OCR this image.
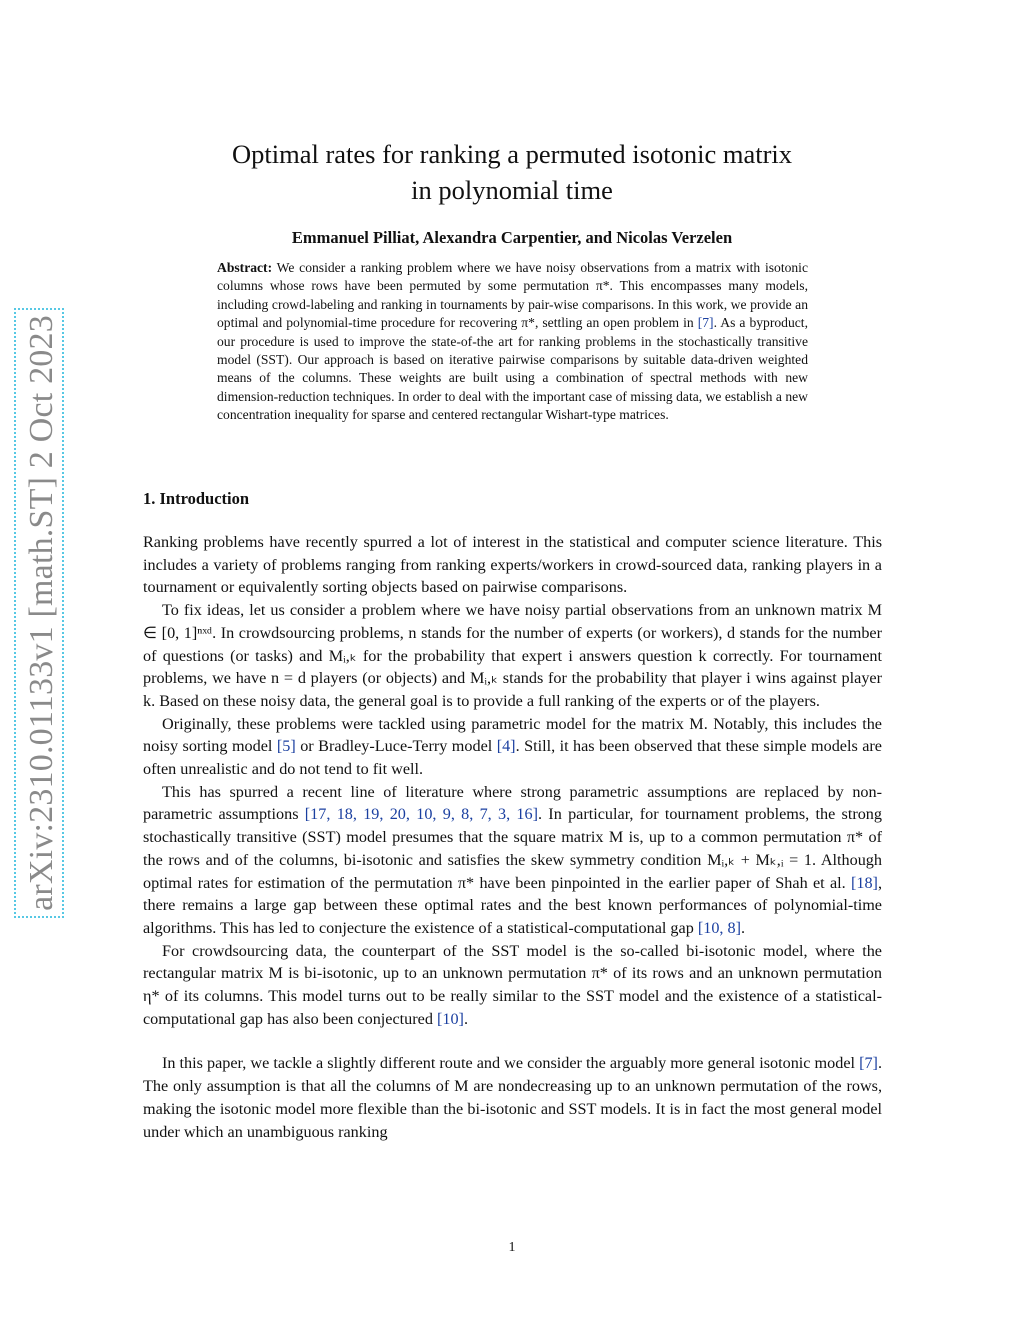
arXiv:2310.01133v1 [math.ST] 2 Oct 2023
Optimal rates for ranking a permuted isotonic matrix
in polynomial time
Emmanuel Pilliat, Alexandra Carpentier, and Nicolas Verzelen
Abstract: We consider a ranking problem where we have noisy observations from a matrix with isotonic columns whose rows have been permuted by some permutation π*. This encompasses many models, including crowd-labeling and ranking in tournaments by pair-wise comparisons. In this work, we provide an optimal and polynomial-time procedure for recovering π*, settling an open problem in [7]. As a byproduct, our procedure is used to improve the state-of-the art for ranking problems in the stochastically transitive model (SST). Our approach is based on iterative pairwise comparisons by suitable data-driven weighted means of the columns. These weights are built using a combination of spectral methods with new dimension-reduction techniques. In order to deal with the important case of missing data, we establish a new concentration inequality for sparse and centered rectangular Wishart-type matrices.
1. Introduction

Ranking problems have recently spurred a lot of interest in the statistical and computer science literature. This includes a variety of problems ranging from ranking experts/workers in crowd-sourced data, ranking players in a tournament or equivalently sorting objects based on pairwise comparisons.

To fix ideas, let us consider a problem where we have noisy partial observations from an unknown matrix M ∈ [0, 1]ⁿˣᵈ. In crowdsourcing problems, n stands for the number of experts (or workers), d stands for the number of questions (or tasks) and Mᵢ,ₖ for the probability that expert i answers question k correctly. For tournament problems, we have n = d players (or objects) and Mᵢ,ₖ stands for the probability that player i wins against player k. Based on these noisy data, the general goal is to provide a full ranking of the experts or of the players.

Originally, these problems were tackled using parametric model for the matrix M. Notably, this includes the noisy sorting model [5] or Bradley-Luce-Terry model [4]. Still, it has been observed that these simple models are often unrealistic and do not tend to fit well.

This has spurred a recent line of literature where strong parametric assumptions are replaced by non-parametric assumptions [17, 18, 19, 20, 10, 9, 8, 7, 3, 16]. In particular, for tournament problems, the strong stochastically transitive (SST) model presumes that the square matrix M is, up to a common permutation π* of the rows and of the columns, bi-isotonic and satisfies the skew symmetry condition Mᵢ,ₖ + Mₖ,ᵢ = 1. Although optimal rates for estimation of the permutation π* have been pinpointed in the earlier paper of Shah et al. [18], there remains a large gap between these optimal rates and the best known performances of polynomial-time algorithms. This has led to conjecture the existence of a statistical-computational gap [10, 8].

For crowdsourcing data, the counterpart of the SST model is the so-called bi-isotonic model, where the rectangular matrix M is bi-isotonic, up to an unknown permutation π* of its rows and an unknown permutation η* of its columns. This model turns out to be really similar to the SST model and the existence of a statistical-computational gap has also been conjectured [10].

In this paper, we tackle a slightly different route and we consider the arguably more general isotonic model [7]. The only assumption is that all the columns of M are nondecreasing up to an unknown permutation of the rows, making the isotonic model more flexible than the bi-isotonic and SST models. It is in fact the most general model under which an unambiguous ranking

1
